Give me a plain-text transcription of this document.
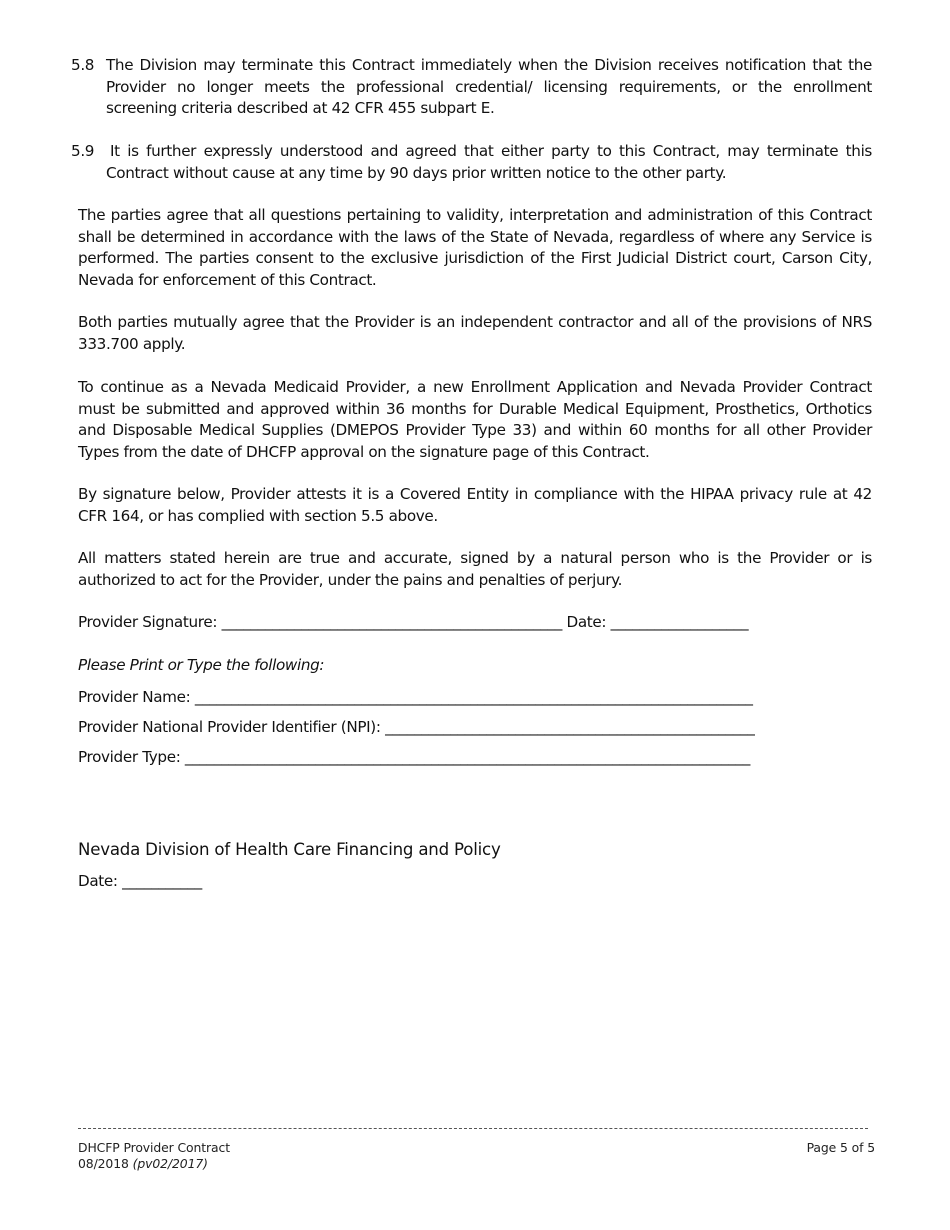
5.8 The Division may terminate this Contract immediately when the Division receives notification that the Provider no longer meets the professional credential/ licensing requirements, or the enrollment screening criteria described at 42 CFR 455 subpart E.
5.9 It is further expressly understood and agreed that either party to this Contract, may terminate this Contract without cause at any time by 90 days prior written notice to the other party.

The parties agree that all questions pertaining to validity, interpretation and administration of this Contract shall be determined in accordance with the laws of the State of Nevada, regardless of where any Service is performed. The parties consent to the exclusive jurisdiction of the First Judicial District court, Carson City, Nevada for enforcement of this Contract.

Both parties mutually agree that the Provider is an independent contractor and all of the provisions of NRS 333.700 apply.

To continue as a Nevada Medicaid Provider, a new Enrollment Application and Nevada Provider Contract must be submitted and approved within 36 months for Durable Medical Equipment, Prosthetics, Orthotics and Disposable Medical Supplies (DMEPOS Provider Type 33) and within 60 months for all other Provider Types from the date of DHCFP approval on the signature page of this Contract.

By signature below, Provider attests it is a Covered Entity in compliance with the HIPAA privacy rule at 42 CFR 164, or has complied with section 5.5 above.

All matters stated herein are true and accurate, signed by a natural person who is the Provider or is authorized to act for the Provider, under the pains and penalties of perjury.

Provider Signature: _______________________________________________ Date: ___________________
Please Print or Type the following:
Provider Name: _____________________________________________________________________________
Provider National Provider Identifier (NPI): ___________________________________________________
Provider Type: ______________________________________________________________________________
Nevada Division of Health Care Financing and Policy
Date: ___________
DHCFP Provider Contract
08/2018 (pv02/2017)
Page 5 of 5
